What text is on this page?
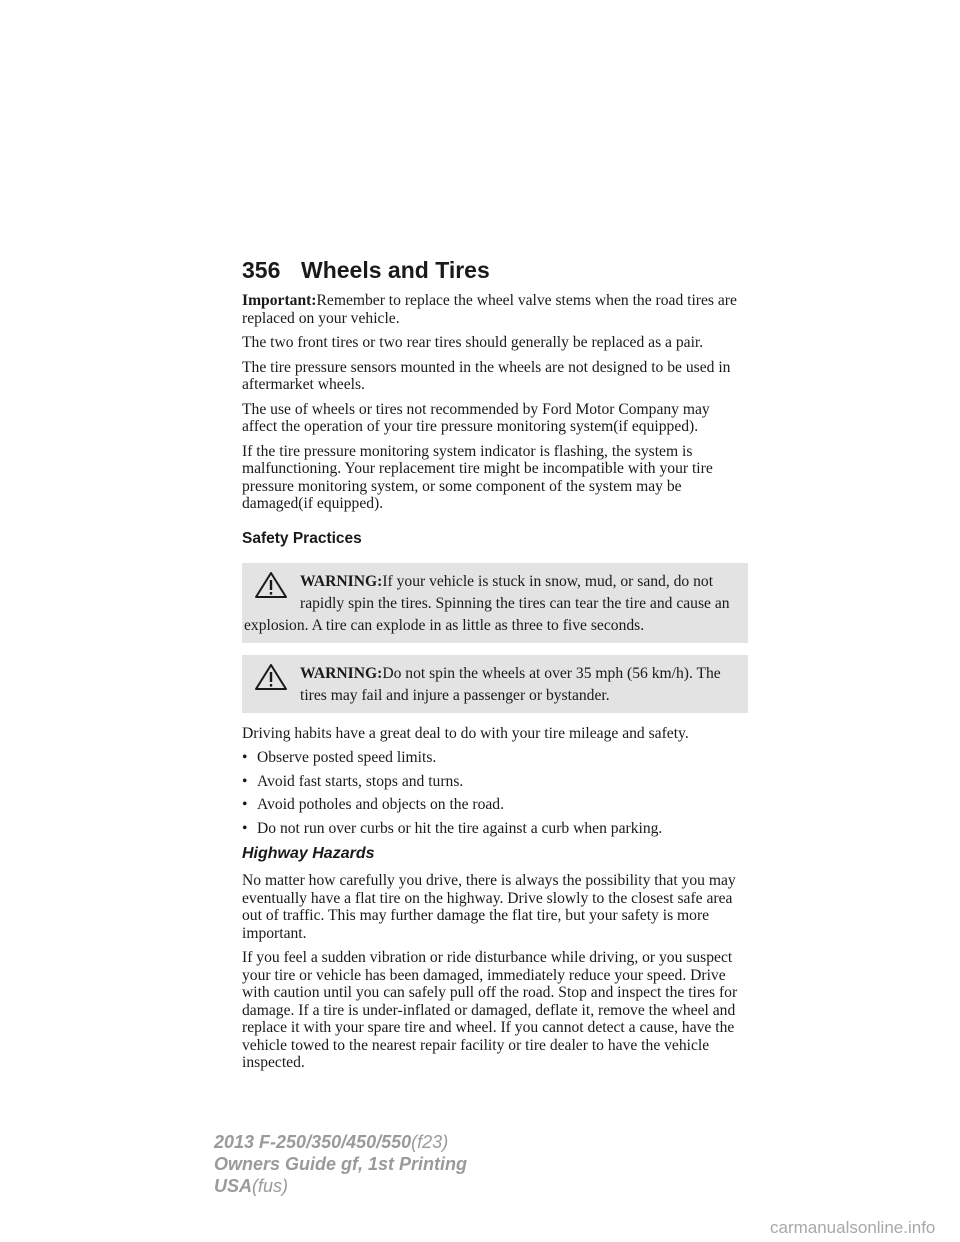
356 Wheels and Tires

Important:Remember to replace the wheel valve stems when the road tires are replaced on your vehicle.

The two front tires or two rear tires should generally be replaced as a pair.

The tire pressure sensors mounted in the wheels are not designed to be used in aftermarket wheels.

The use of wheels or tires not recommended by Ford Motor Company may affect the operation of your tire pressure monitoring system(if equipped).

If the tire pressure monitoring system indicator is flashing, the system is malfunctioning. Your replacement tire might be incompatible with your tire pressure monitoring system, or some component of the system may be damaged(if equipped).

Safety Practices
WARNING:If your vehicle is stuck in snow, mud, or sand, do not rapidly spin the tires. Spinning the tires can tear the tire and cause an explosion. A tire can explode in as little as three to five seconds.
WARNING:Do not spin the wheels at over 35 mph (56 km/h). The tires may fail and injure a passenger or bystander.

Driving habits have a great deal to do with your tire mileage and safety.

• Observe posted speed limits.
• Avoid fast starts, stops and turns.
• Avoid potholes and objects on the road.
• Do not run over curbs or hit the tire against a curb when parking.
Highway Hazards

No matter how carefully you drive, there is always the possibility that you may eventually have a flat tire on the highway. Drive slowly to the closest safe area out of traffic. This may further damage the flat tire, but your safety is more important.

If you feel a sudden vibration or ride disturbance while driving, or you suspect your tire or vehicle has been damaged, immediately reduce your speed. Drive with caution until you can safely pull off the road. Stop and inspect the tires for damage. If a tire is under-inflated or damaged, deflate it, remove the wheel and replace it with your spare tire and wheel. If you cannot detect a cause, have the vehicle towed to the nearest repair facility or tire dealer to have the vehicle inspected.

2013 F-250/350/450/550(f23)
Owners Guide gf, 1st Printing
USA(fus)
carmanualsonline.info
